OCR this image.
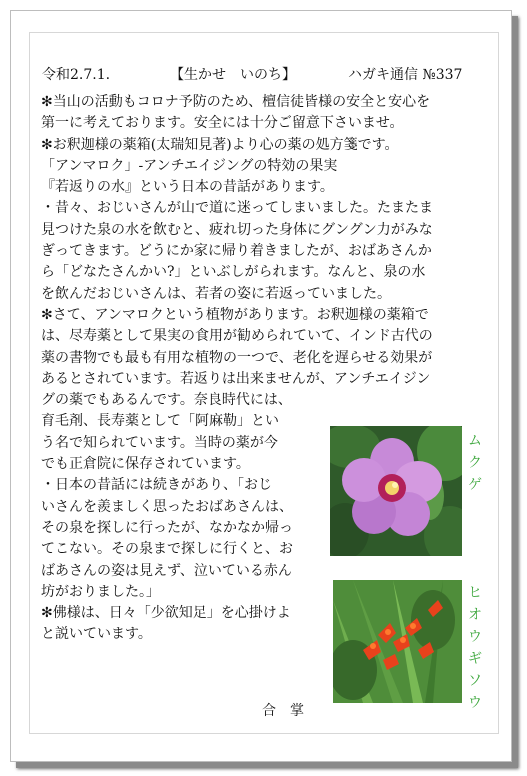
令和2.7.1.	【生かせ　いのち】	ハガキ通信 №337
✻当山の活動もコロナ予防のため、檀信徒皆様の安全と安心を
第一に考えております。安全には十分ご留意下さいませ。
✻お釈迦様の薬箱(太瑞知見著)より心の薬の処方箋です。
「アンマロク」-アンチエイジングの特効の果実
『若返りの水』という日本の昔話があります。
・昔々、おじいさんが山で道に迷ってしまいました。たまたま
見つけた泉の水を飲むと、疲れ切った身体にグングン力がみな
ぎってきます。どうにか家に帰り着きましたが、おばあさんか
ら「どなたさんかい?」といぶしがられます。なんと、泉の水
を飲んだおじいさんは、若者の姿に若返っていました。
✻さて、アンマロクという植物があります。お釈迦様の薬箱で
は、尽寿薬として果実の食用が勧められていて、インド古代の
薬の書物でも最も有用な植物の一つで、老化を遅らせる効果が
あるとされています。若返りは出来ませんが、アンチエイジン
グの薬でもあるんです。奈良時代には、
育毛剤、長寿薬として「阿麻勒」とい
う名で知られています。当時の薬が今
でも正倉院に保存されています。
・日本の昔話には続きがあり、「おじ
いさんを羨ましく思ったおばあさんは、
その泉を探しに行ったが、なかなか帰っ
てこない。その泉まで探しに行くと、お
ばあさんの姿は見えず、泣いている赤ん
坊がおりました。」
✻佛様は、日々「少欲知足」を心掛けよ
と説いています。
合掌
ムクゲ
ヒオウギソウ
